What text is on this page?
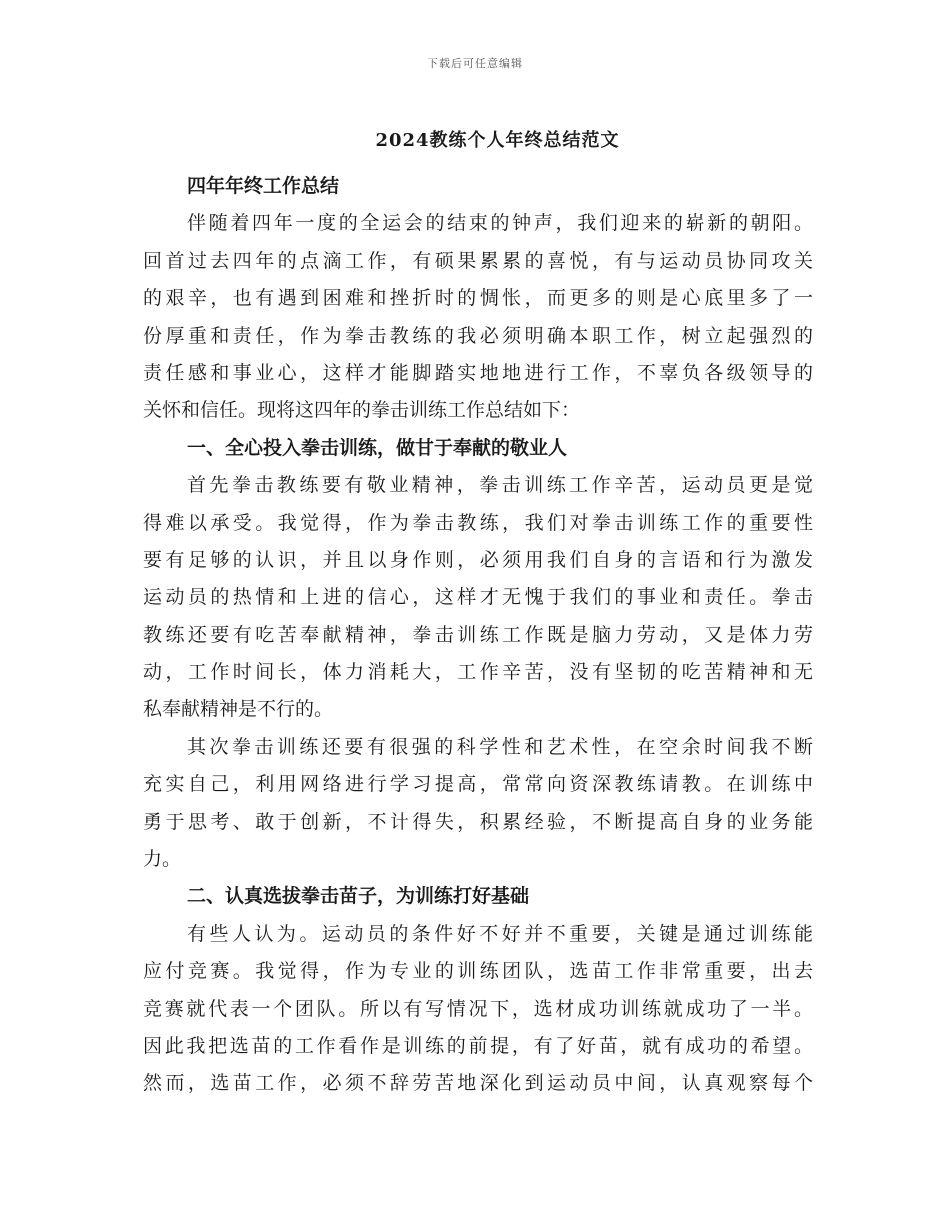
下载后可任意编辑
2024教练个人年终总结范文
四年年终工作总结
伴随着四年一度的全运会的结束的钟声，我们迎来的崭新的朝阳。
回首过去四年的点滴工作，有硕果累累的喜悦，有与运动员协同攻关
的艰辛，也有遇到困难和挫折时的惆怅，而更多的则是心底里多了一
份厚重和责任，作为拳击教练的我必须明确本职工作，树立起强烈的
责任感和事业心，这样才能脚踏实地地进行工作，不辜负各级领导的
关怀和信任。现将这四年的拳击训练工作总结如下：
一、全心投入拳击训练，做甘于奉献的敬业人
首先拳击教练要有敬业精神，拳击训练工作辛苦，运动员更是觉
得难以承受。我觉得，作为拳击教练，我们对拳击训练工作的重要性
要有足够的认识，并且以身作则，必须用我们自身的言语和行为激发
运动员的热情和上进的信心，这样才无愧于我们的事业和责任。拳击
教练还要有吃苦奉献精神，拳击训练工作既是脑力劳动，又是体力劳
动，工作时间长，体力消耗大，工作辛苦，没有坚韧的吃苦精神和无
私奉献精神是不行的。
其次拳击训练还要有很强的科学性和艺术性，在空余时间我不断
充实自己，利用网络进行学习提高，常常向资深教练请教。在训练中
勇于思考、敢于创新，不计得失，积累经验，不断提高自身的业务能
力。
二、认真选拔拳击苗子，为训练打好基础
有些人认为。运动员的条件好不好并不重要，关键是通过训练能
应付竞赛。我觉得，作为专业的训练团队，选苗工作非常重要，出去
竞赛就代表一个团队。所以有写情况下，选材成功训练就成功了一半。
因此我把选苗的工作看作是训练的前提，有了好苗，就有成功的希望。
然而，选苗工作，必须不辞劳苦地深化到运动员中间，认真观察每个
